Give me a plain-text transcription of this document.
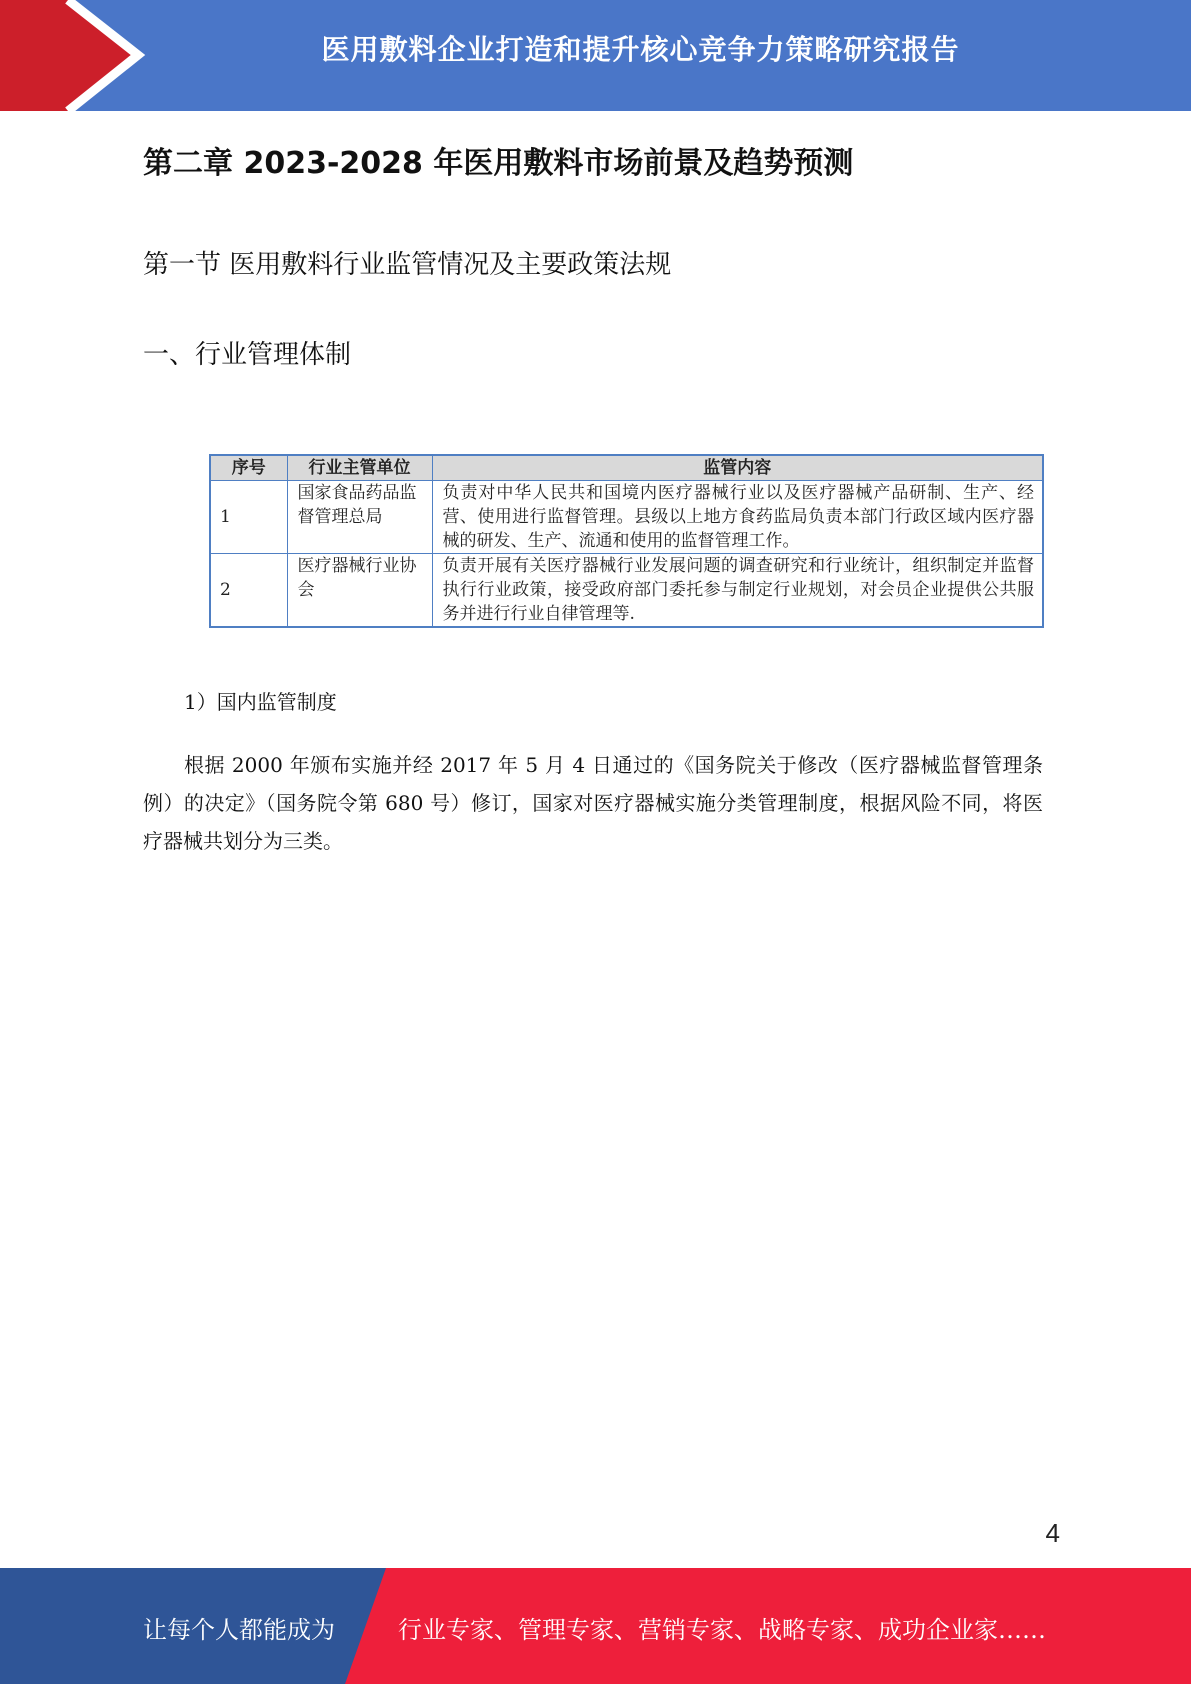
医用敷料企业打造和提升核心竞争力策略研究报告
第二章 2023-2028 年医用敷料市场前景及趋势预测
第一节 医用敷料行业监管情况及主要政策法规
一、行业管理体制
序号	行业主管单位	监管内容
1	国家食品药品监督管理总局	负责对中华人民共和国境内医疗器械行业以及医疗器械产品研制、生产、经营、使用进行监督管理。县级以上地方食药监局负责本部门行政区域内医疗器械的研发、生产、流通和使用的监督管理工作。
2	医疗器械行业协会	负责开展有关医疗器械行业发展问题的调查研究和行业统计，组织制定并监督执行行业政策，接受政府部门委托参与制定行业规划，对会员企业提供公共服务并进行行业自律管理等.
1）国内监管制度
根据 2000 年颁布实施并经 2017 年 5 月 4 日通过的《国务院关于修改（医疗器械监督管理条例）的决定》（国务院令第 680 号）修订，国家对医疗器械实施分类管理制度，根据风险不同，将医疗器械共划分为三类。
4
让每个人都能成为	行业专家、管理专家、营销专家、战略专家、成功企业家……
